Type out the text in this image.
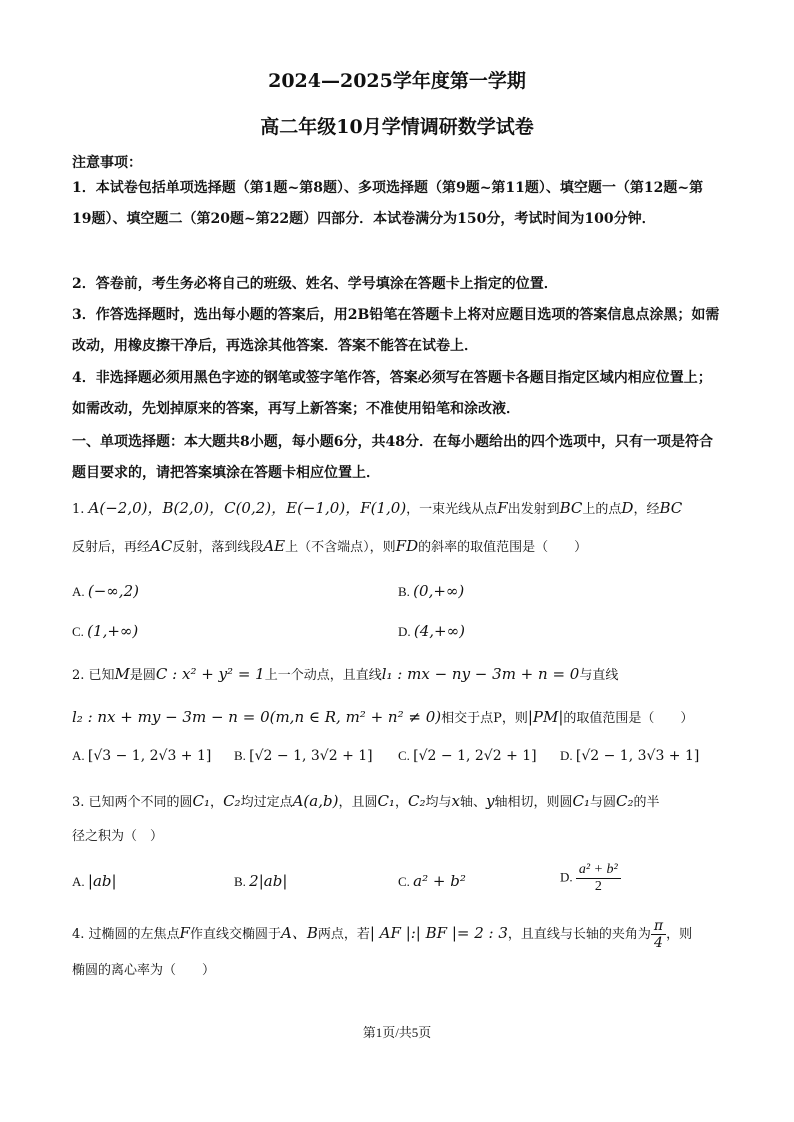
2024—2025学年度第一学期
高二年级10月学情调研数学试卷
注意事项：
1．本试卷包括单项选择题（第1题~第8题）、多项选择题（第9题~第11题）、填空题一（第12题~第19题）、填空题二（第20题~第22题）四部分．本试卷满分为150分，考试时间为100分钟．
2．答卷前，考生务必将自己的班级、姓名、学号填涂在答题卡上指定的位置．
3．作答选择题时，选出每小题的答案后，用2B铅笔在答题卡上将对应题目选项的答案信息点涂黑；如需改动，用橡皮擦干净后，再选涂其他答案．答案不能答在试卷上．
4．非选择题必须用黑色字迹的钢笔或签字笔作答，答案必须写在答题卡各题目指定区域内相应位置上；如需改动，先划掉原来的答案，再写上新答案；不准使用铅笔和涂改液．
一、单项选择题：本大题共8小题，每小题6分，共48分．在每小题给出的四个选项中，只有一项是符合题目要求的，请把答案填涂在答题卡相应位置上．
1. A(−2,0)，B(2,0)，C(0,2)，E(−1,0)，F(1,0)，一束光线从点F出发射到BC上的点D，经BC
反射后，再经AC反射，落到线段AE上（不含端点），则FD的斜率的取值范围是（　　）
A. (−∞,2)	B. (0,+∞)
C. (1,+∞)	D. (4,+∞)
2. 已知M是圆C : x² + y² = 1上一个动点，且直线l₁ : mx − ny − 3m + n = 0与直线
l₂ : nx + my − 3m − n = 0(m,n ∈ R, m² + n² ≠ 0)相交于点P，则|PM|的取值范围是（　　）
A. [√3 − 1, 2√3 + 1] B. [√2 − 1, 3√2 + 1] C. [√2 − 1, 2√2 + 1] D. [√2 − 1, 3√3 + 1]
3. 已知两个不同的圆C₁，C₂均过定点A(a,b)，且圆C₁，C₂均与x轴、y轴相切，则圆C₁与圆C₂的半
径之积为（　）
A. |ab|	B. 2|ab|	C. a² + b²	D. $\frac{\text{a² + b²}}{2}$
4. 过椭圆的左焦点F作直线交椭圆于A、B两点，若| AF |:| BF |= 2 : 3，且直线与长轴的夹角为 $\frac{\pi}{4}$ ，则
椭圆的离心率为（　　）
第1页/共5页
